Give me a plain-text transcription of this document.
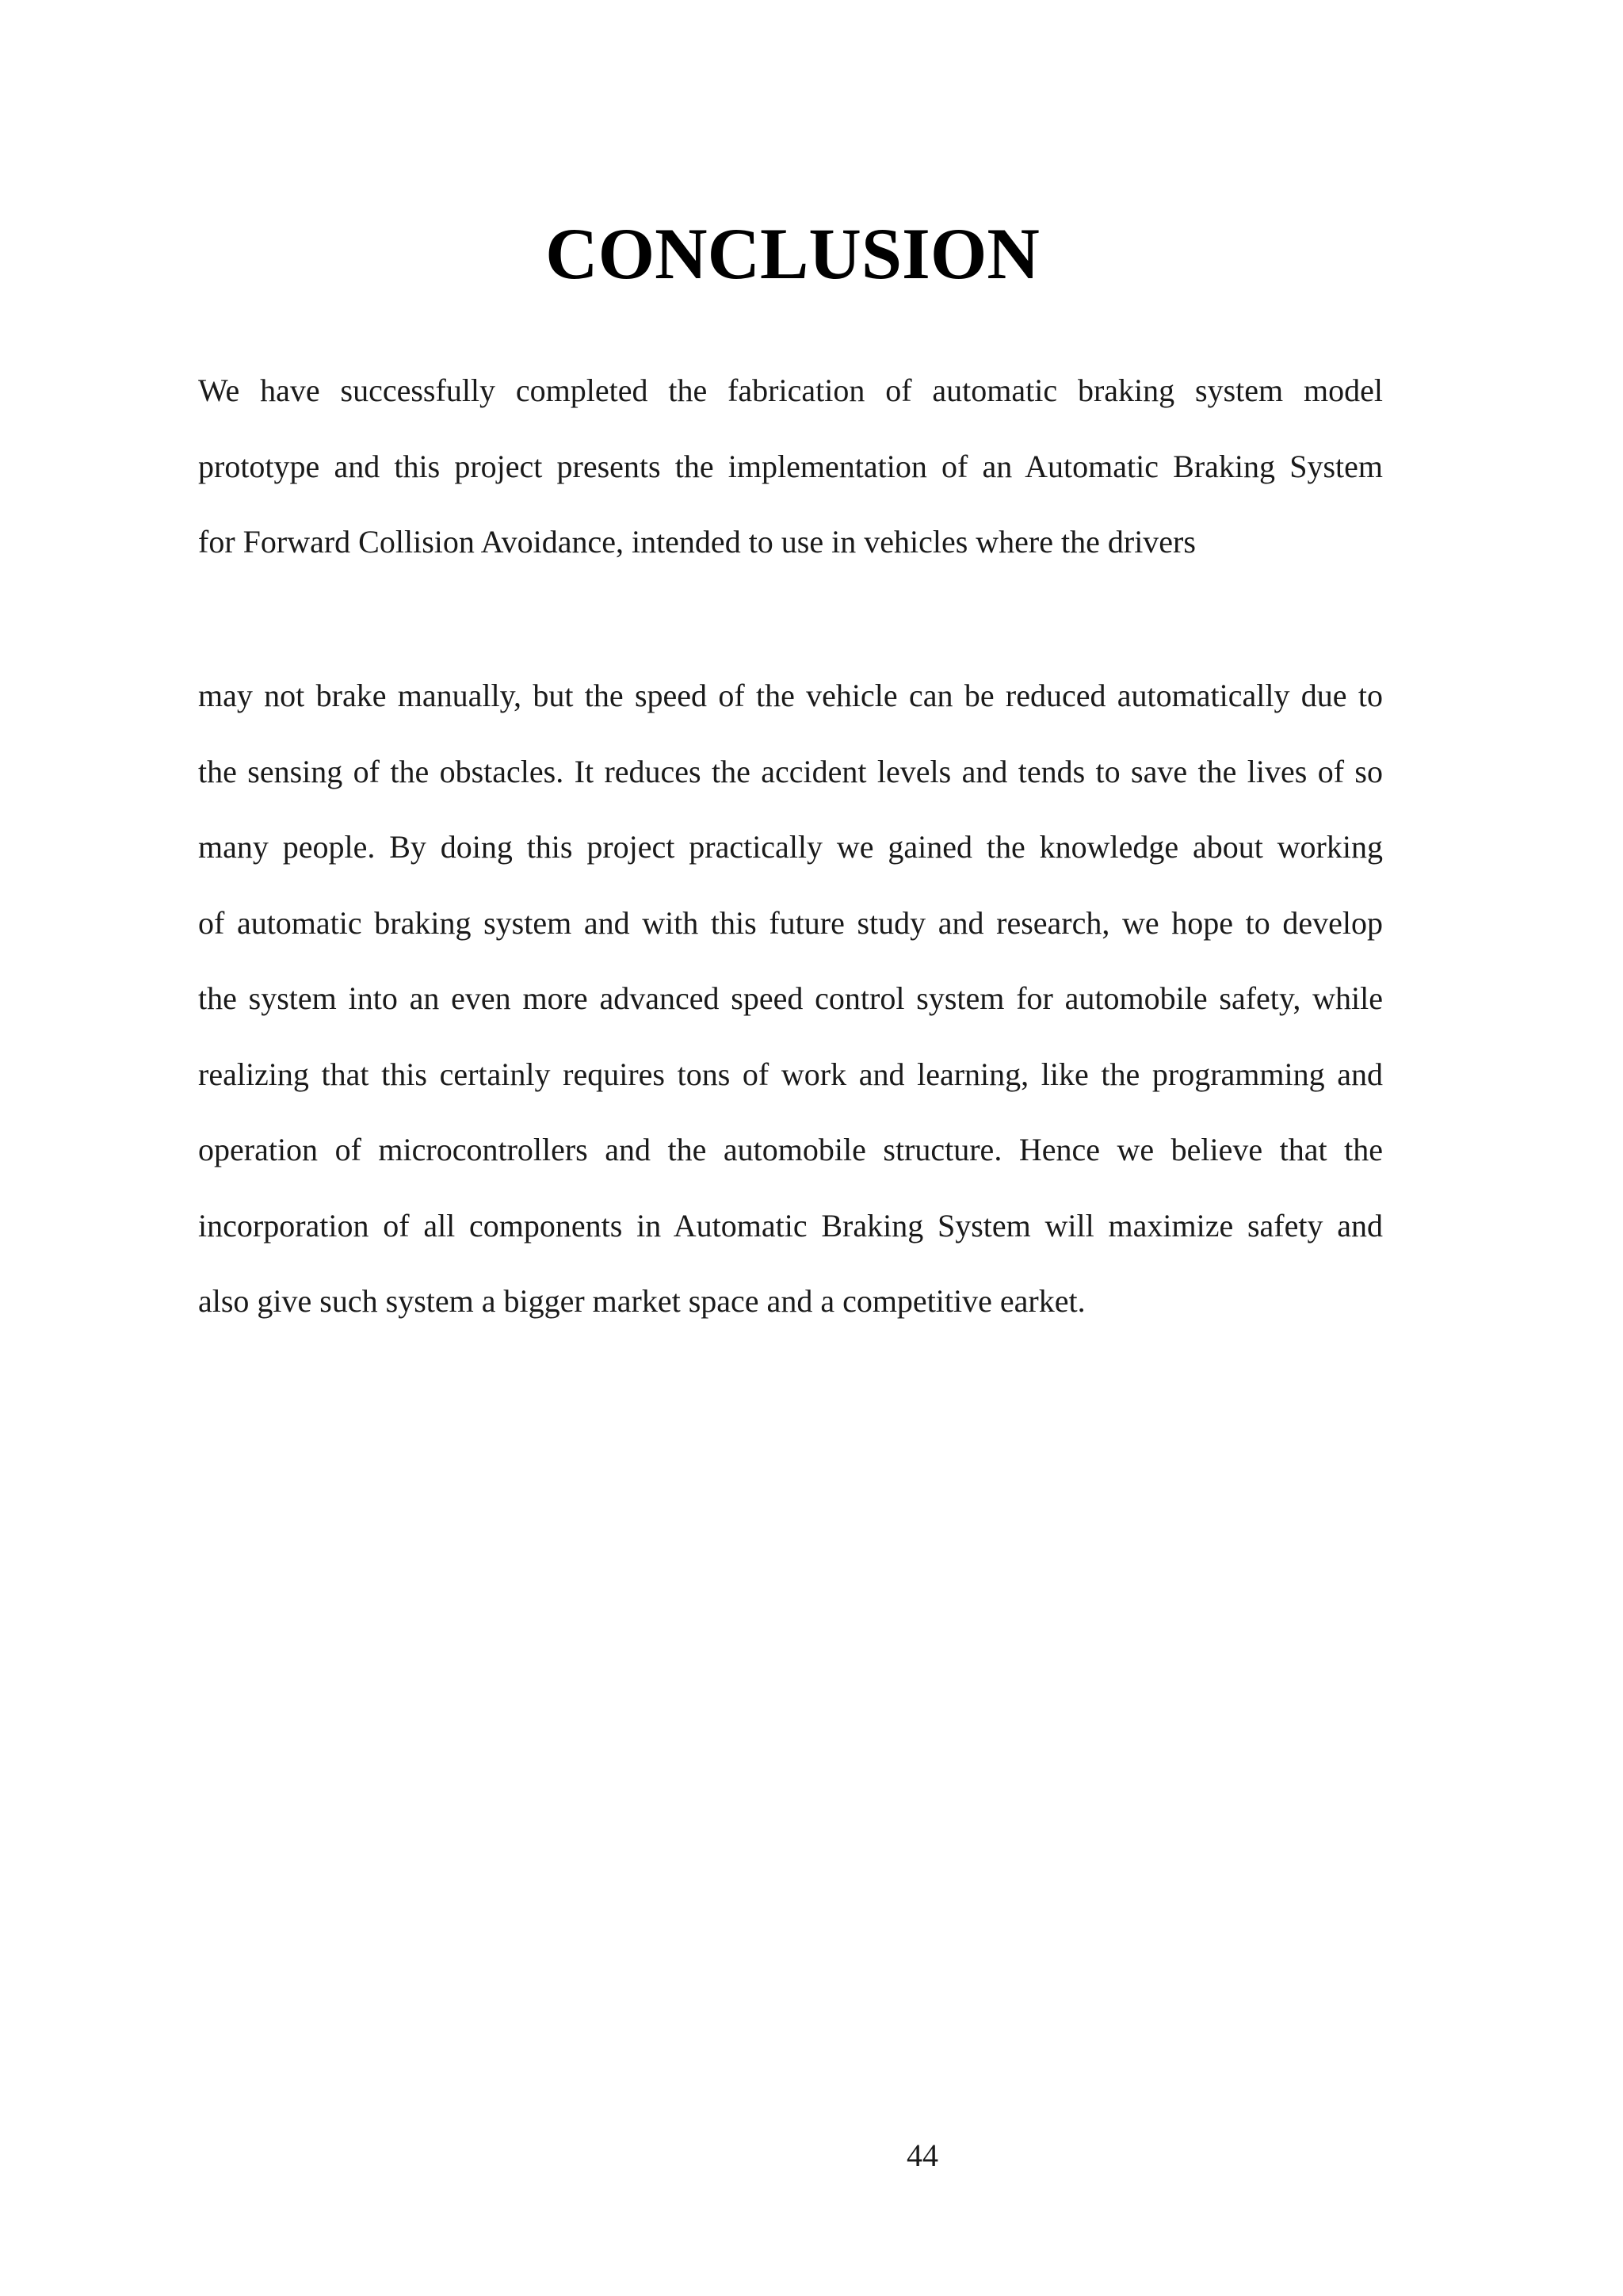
CONCLUSION

We have successfully completed the fabrication of automatic braking system model
prototype and this project presents the implementation of an Automatic Braking System
for Forward Collision Avoidance, intended to use in vehicles where the drivers

may not brake manually, but the speed of the vehicle can be reduced automatically due to
the sensing of the obstacles. It reduces the accident levels and tends to save the lives of so
many people. By doing this project practically we gained the knowledge about working
of automatic braking system and with this future study and research, we hope to develop
the system into an even more advanced speed control system for automobile safety, while
realizing that this certainly requires tons of work and learning, like the programming and
operation of microcontrollers and the automobile structure. Hence we believe that the
incorporation of all components in Automatic Braking System will maximize safety and
also give such system a bigger market space and a competitive earket.

44
